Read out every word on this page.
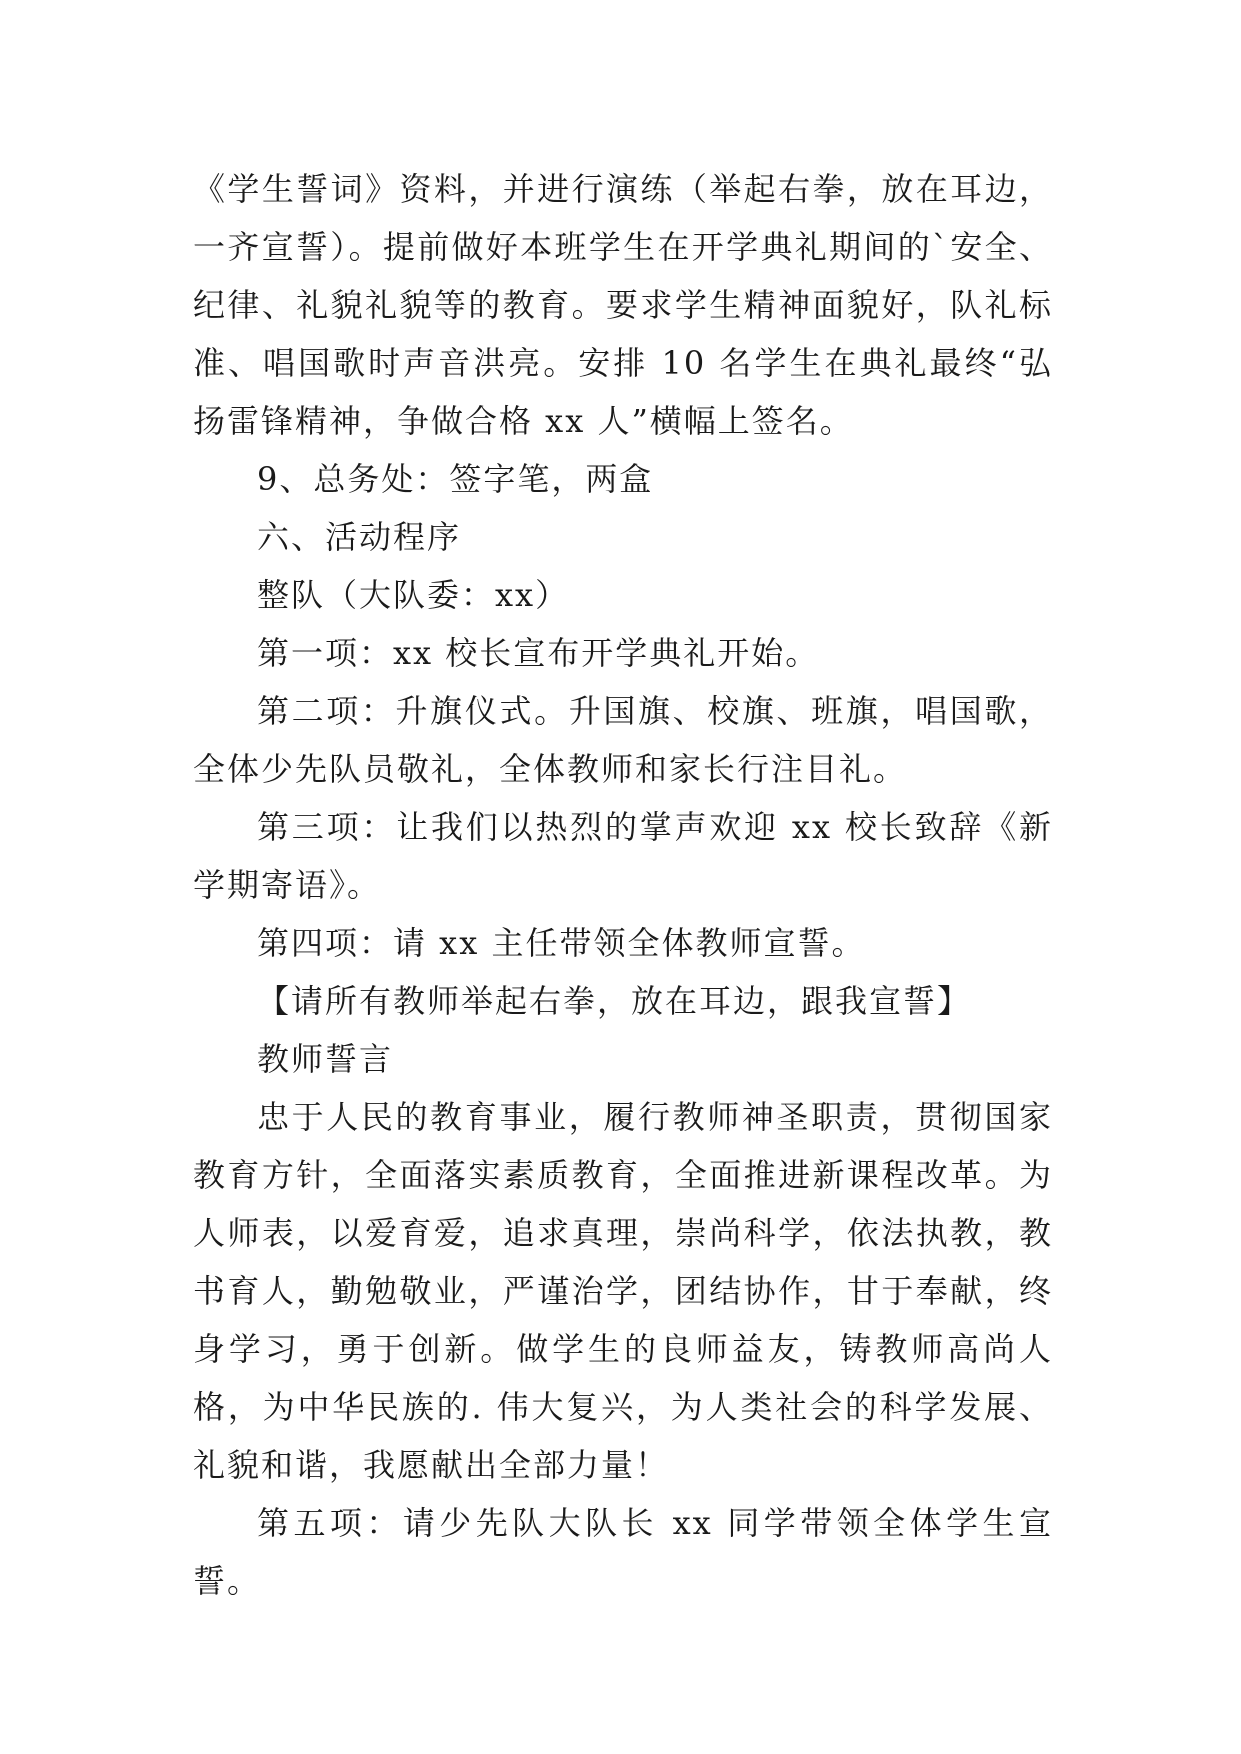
《学生誓词》资料，并进行演练（举起右拳，放在耳边，一齐宣誓）。提前做好本班学生在开学典礼期间的`安全、纪律、礼貌礼貌等的教育。要求学生精神面貌好，队礼标准、唱国歌时声音洪亮。安排 10 名学生在典礼最终“弘扬雷锋精神，争做合格 xx 人”横幅上签名。

9、总务处：签字笔，两盒

六、活动程序

整队（大队委：xx）

第一项：xx 校长宣布开学典礼开始。

第二项：升旗仪式。升国旗、校旗、班旗，唱国歌，全体少先队员敬礼，全体教师和家长行注目礼。

第三项：让我们以热烈的掌声欢迎 xx 校长致辞《新学期寄语》。

第四项：请 xx 主任带领全体教师宣誓。

【请所有教师举起右拳，放在耳边，跟我宣誓】

教师誓言

忠于人民的教育事业，履行教师神圣职责，贯彻国家教育方针，全面落实素质教育，全面推进新课程改革。为人师表，以爱育爱，追求真理，崇尚科学，依法执教，教书育人，勤勉敬业，严谨治学，团结协作，甘于奉献，终身学习，勇于创新。做学生的良师益友，铸教师高尚人格，为中华民族的. 伟大复兴，为人类社会的科学发展、礼貌和谐，我愿献出全部力量！

第五项：请少先队大队长 xx 同学带领全体学生宣誓。
